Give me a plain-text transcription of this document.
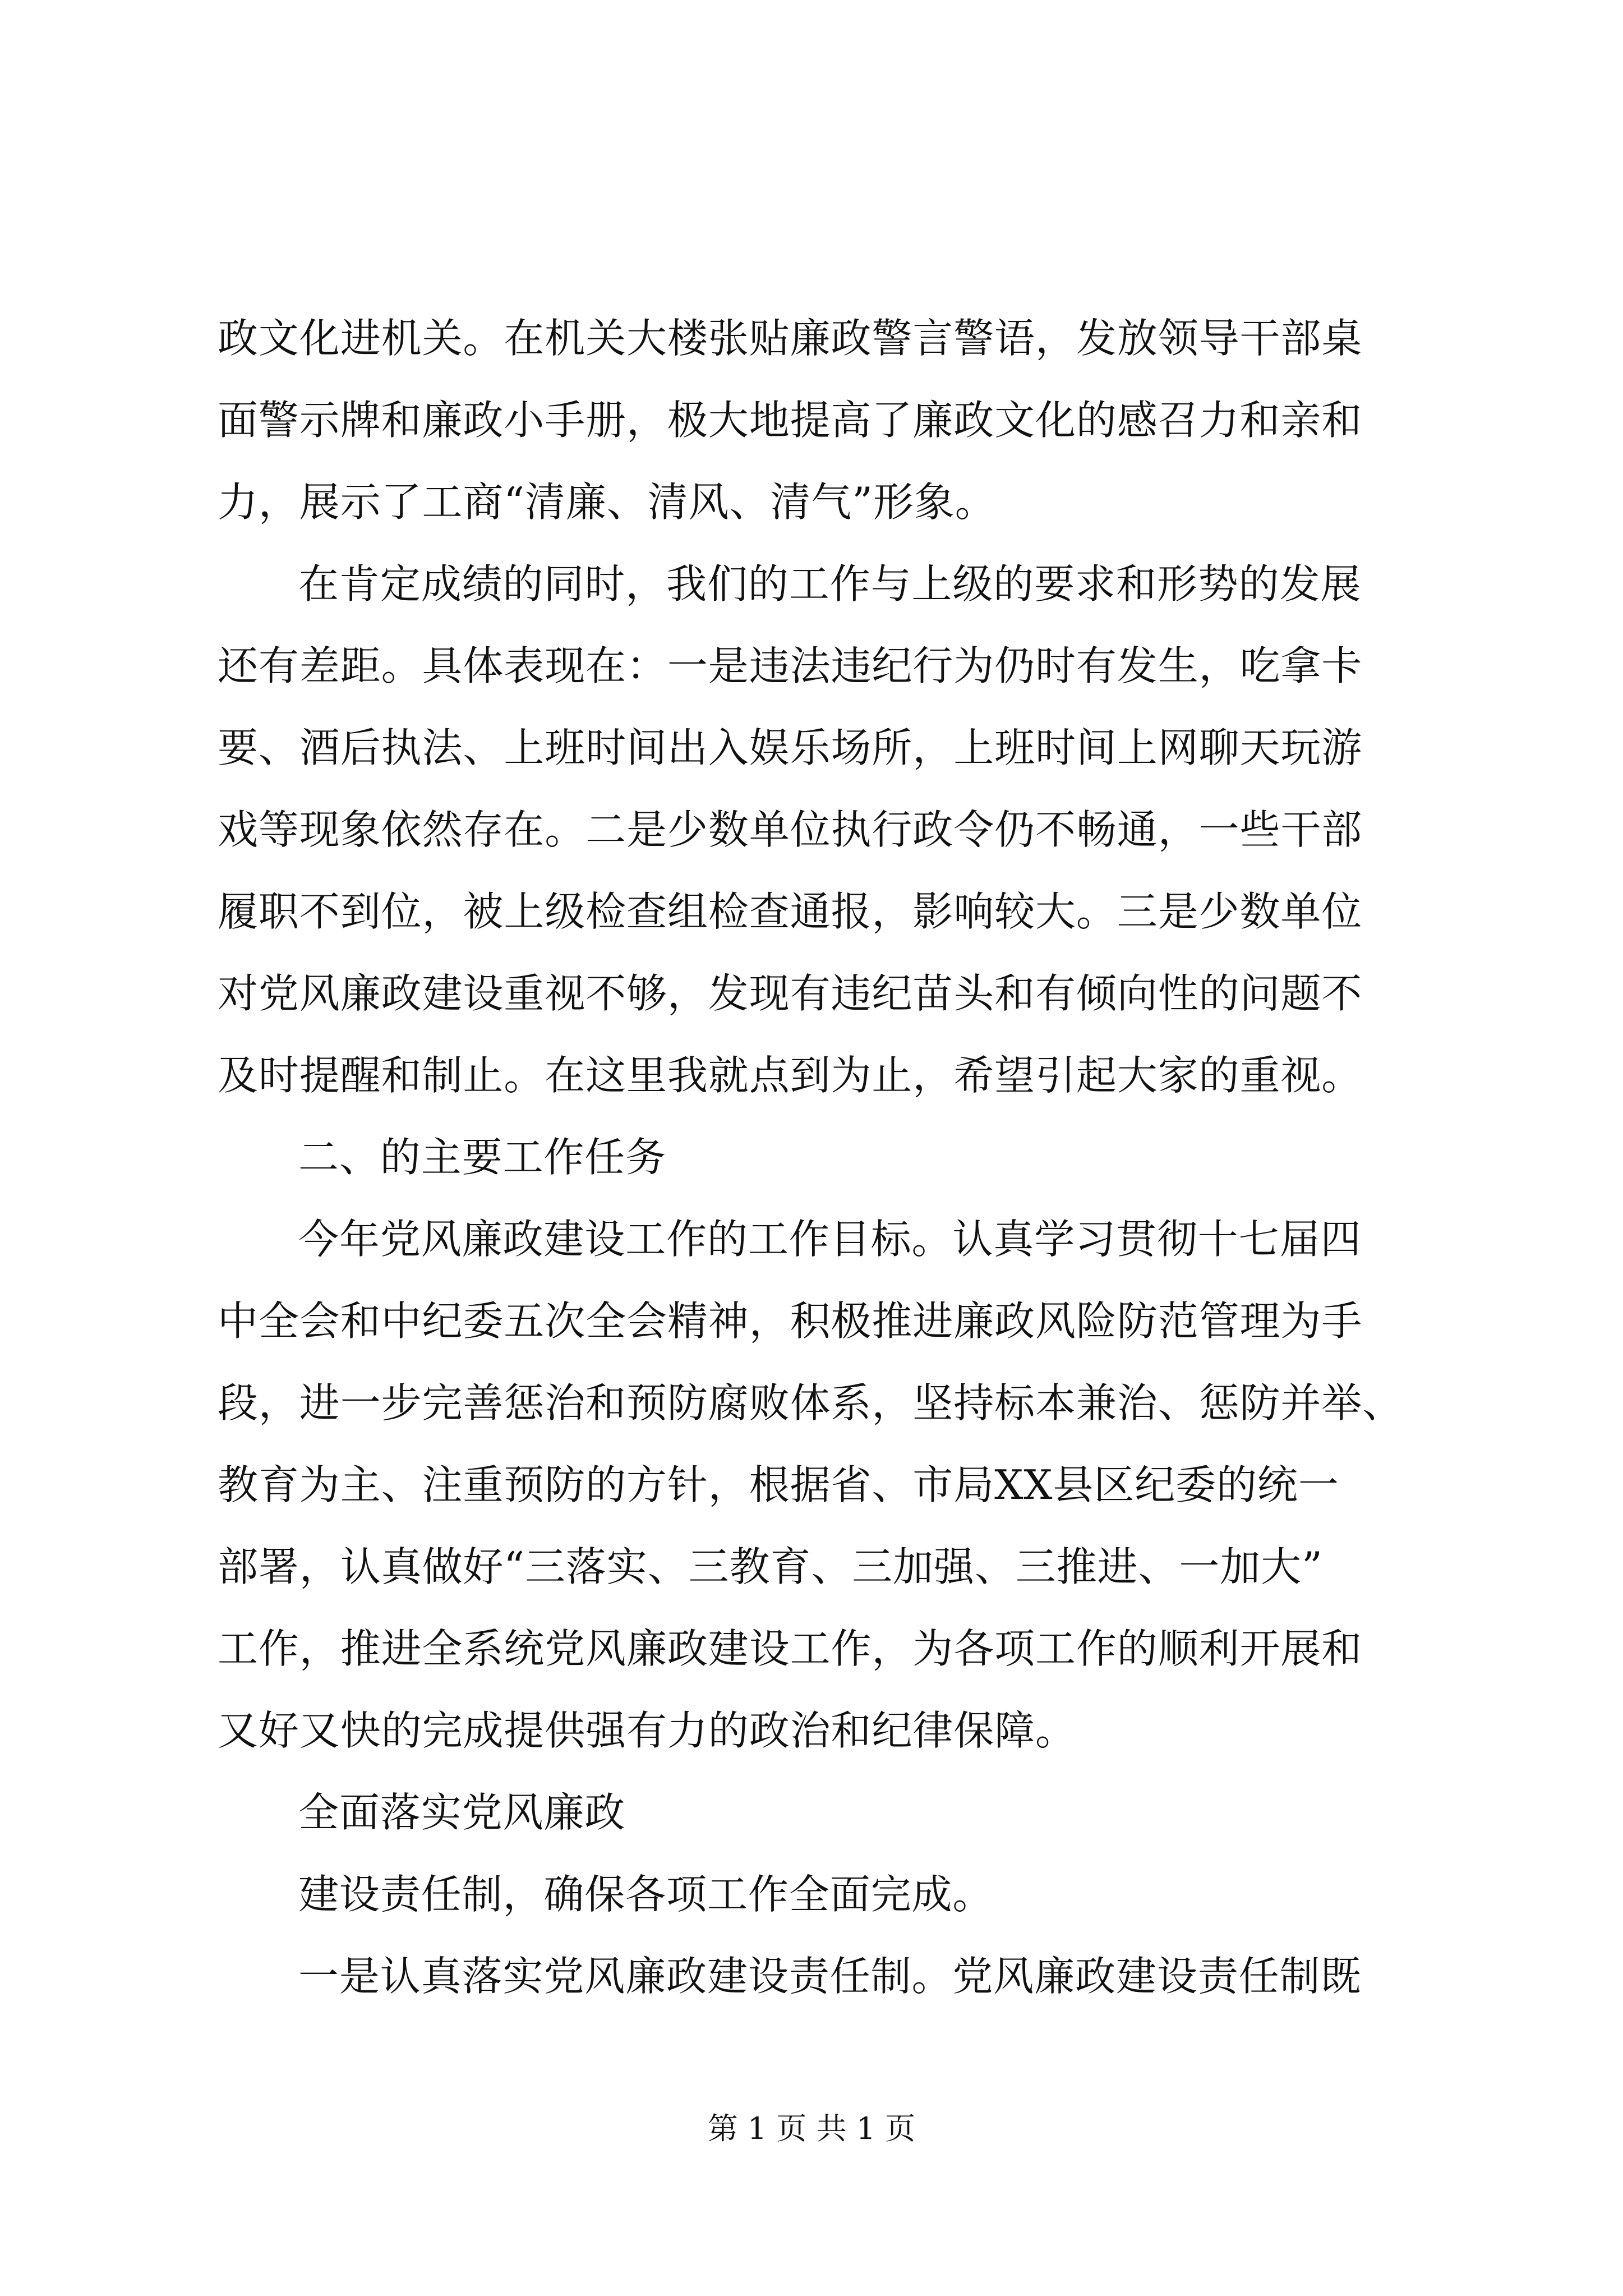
政文化进机关。在机关大楼张贴廉政警言警语，发放领导干部桌
面警示牌和廉政小手册，极大地提高了廉政文化的感召力和亲和
力，展示了工商“清廉、清风、清气”形象。
在肯定成绩的同时，我们的工作与上级的要求和形势的发展
还有差距。具体表现在：一是违法违纪行为仍时有发生，吃拿卡
要、酒后执法、上班时间出入娱乐场所，上班时间上网聊天玩游
戏等现象依然存在。二是少数单位执行政令仍不畅通，一些干部
履职不到位，被上级检查组检查通报，影响较大。三是少数单位
对党风廉政建设重视不够，发现有违纪苗头和有倾向性的问题不
及时提醒和制止。在这里我就点到为止，希望引起大家的重视。
二、的主要工作任务
今年党风廉政建设工作的工作目标。认真学习贯彻十七届四
中全会和中纪委五次全会精神，积极推进廉政风险防范管理为手
段，进一步完善惩治和预防腐败体系，坚持标本兼治、惩防并举、
教育为主、注重预防的方针，根据省、市局XX县区纪委的统一
部署，认真做好“三落实、三教育、三加强、三推进、一加大”
工作，推进全系统党风廉政建设工作，为各项工作的顺利开展和
又好又快的完成提供强有力的政治和纪律保障。
全面落实党风廉政
建设责任制，确保各项工作全面完成。
一是认真落实党风廉政建设责任制。党风廉政建设责任制既
第 1 页 共 1 页
